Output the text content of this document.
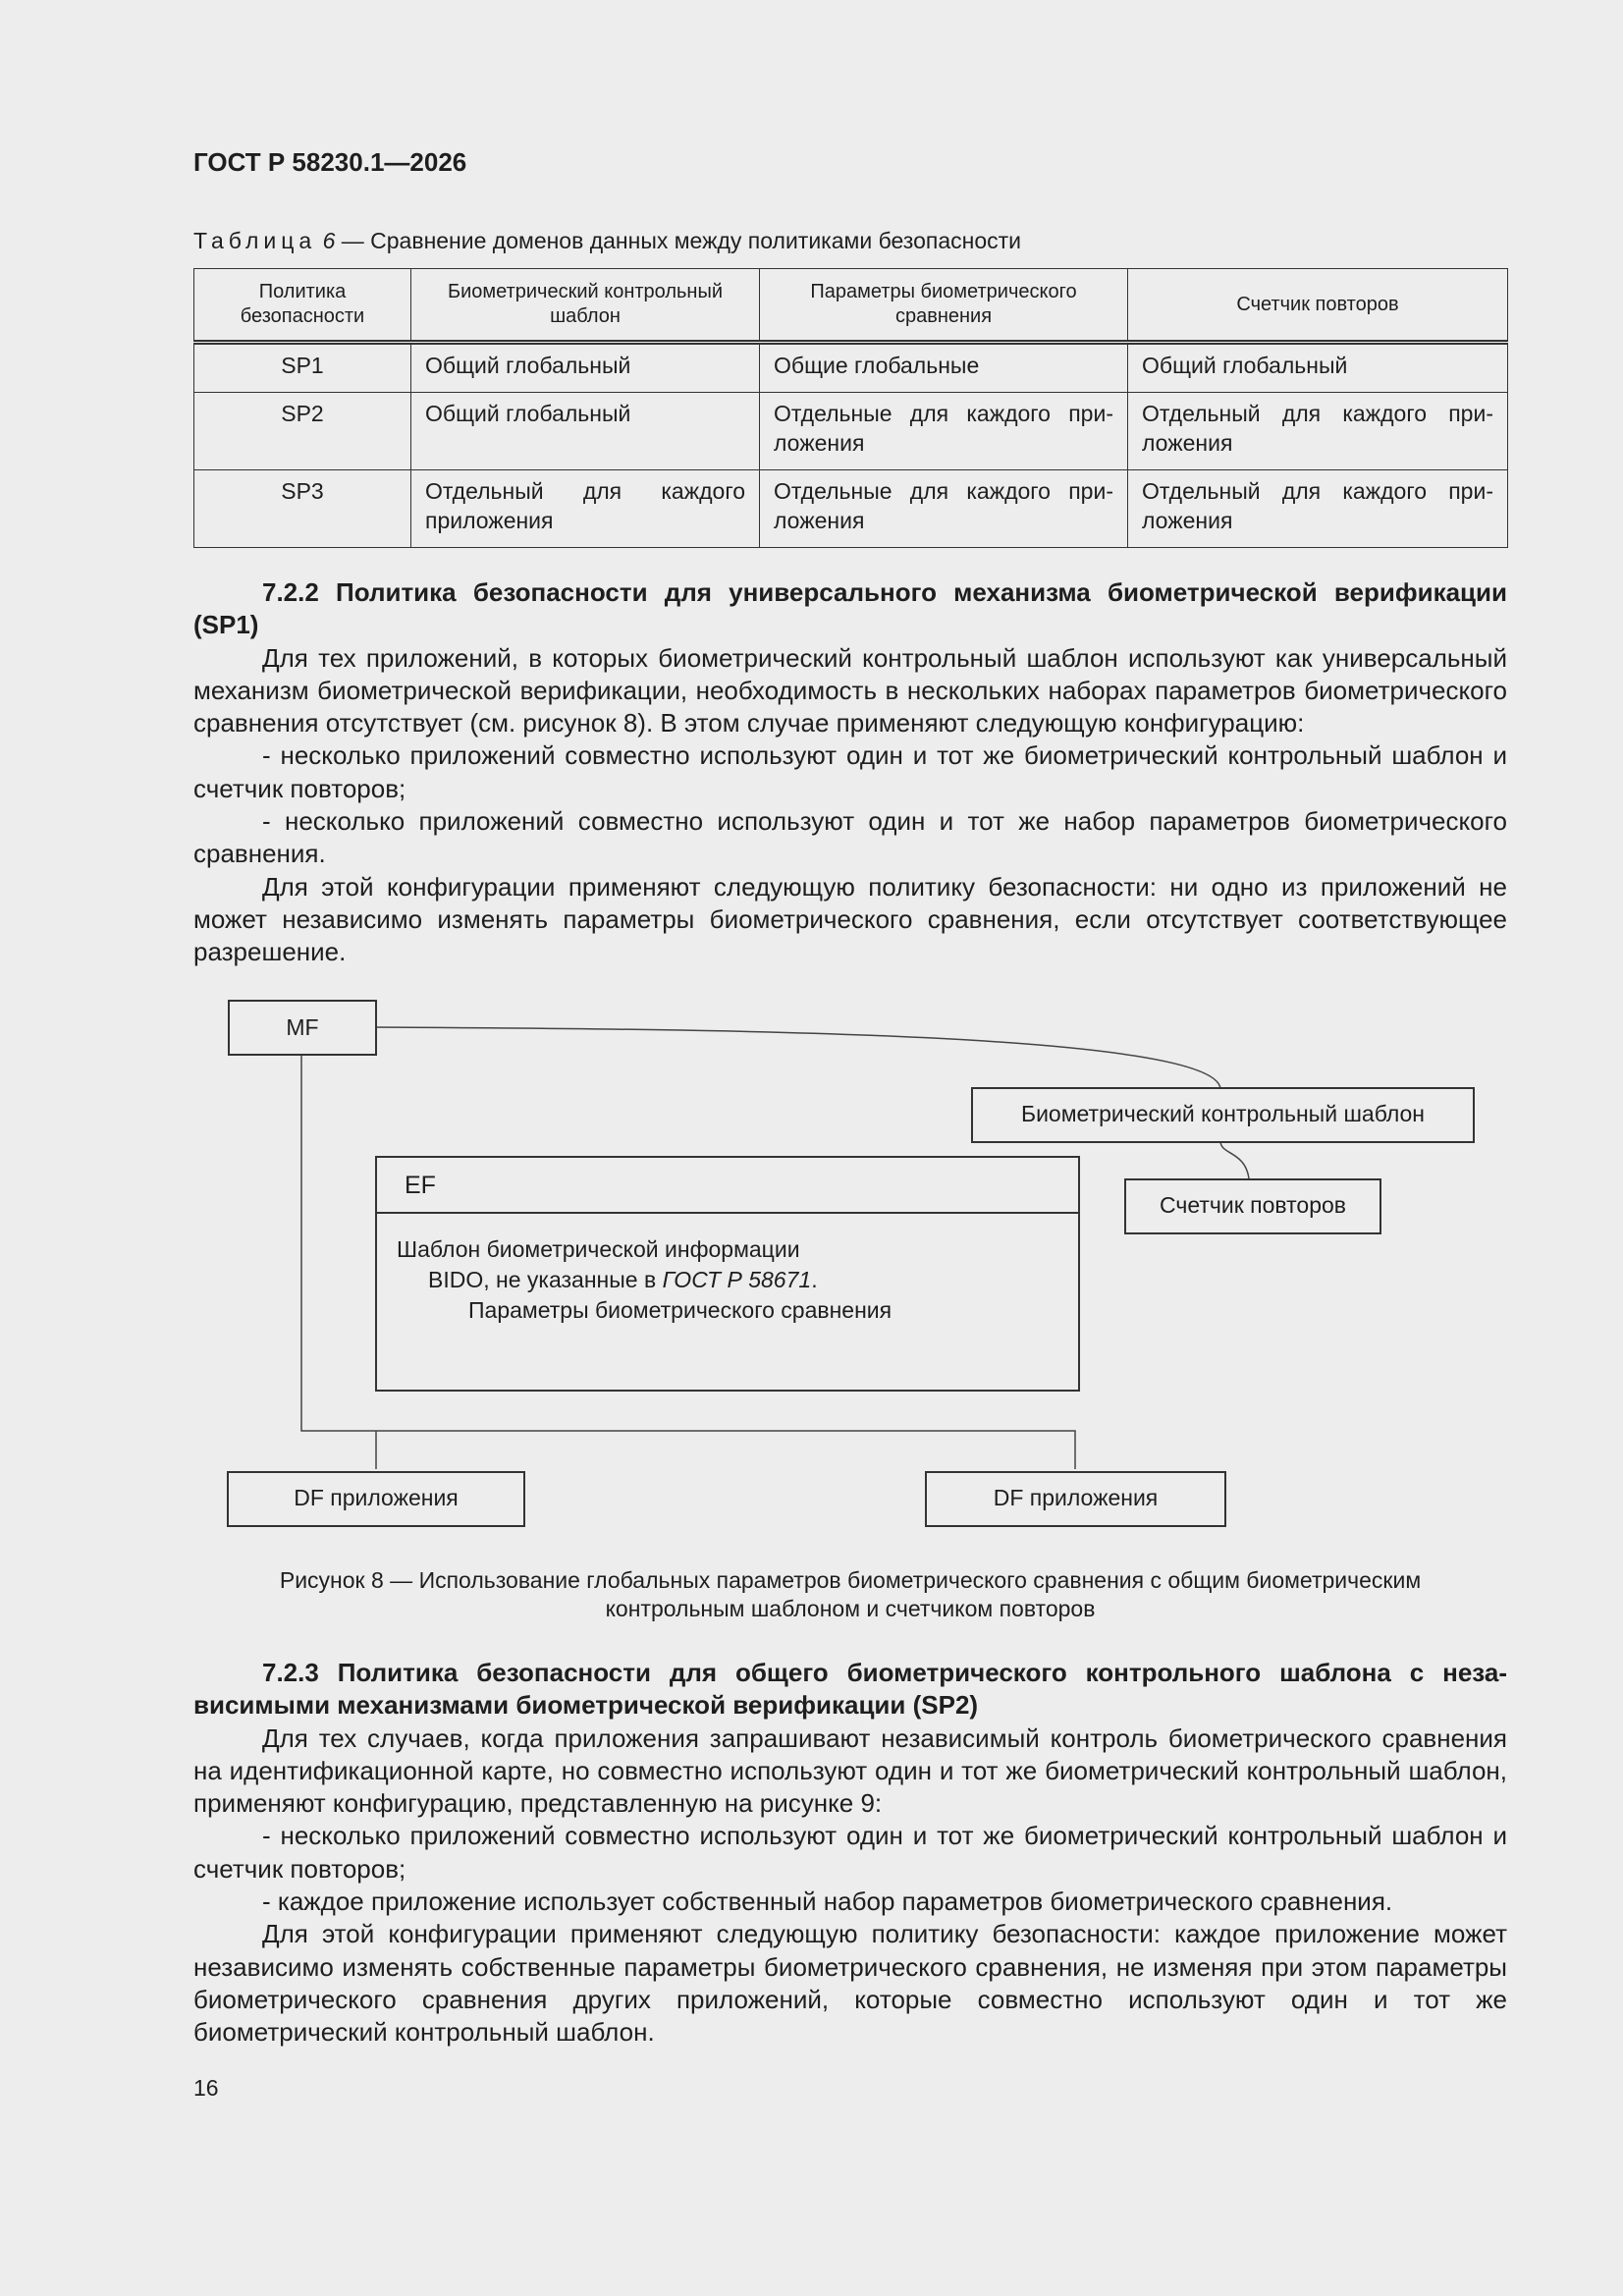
ГОСТ Р 58230.1—2026
Таблица 6 — Сравнение доменов данных между политиками безопасности
Политика безопасности	Биометрический контрольный шаблон	Параметры биометрического сравнения	Счетчик повторов
SP1	Общий глобальный	Общие глобальные	Общий глобальный
SP2	Общий глобальный	Отдельные для каждого приложения	Отдельный для каждого приложения
SP3	Отдельный для каждого приложения	Отдельные для каждого приложения	Отдельный для каждого приложения

7.2.2 Политика безопасности для универсального механизма биометрической верификации (SP1)

Для тех приложений, в которых биометрический контрольный шаблон используют как универсальный механизм биометрической верификации, необходимость в нескольких наборах параметров биометрического сравнения отсутствует (см. рисунок 8). В этом случае применяют следующую конфигурацию:

- несколько приложений совместно используют один и тот же биометрический контрольный шаблон и счетчик повторов;

- несколько приложений совместно используют один и тот же набор параметров биометрического сравнения.

Для этой конфигурации применяют следующую политику безопасности: ни одно из приложений не может независимо изменять параметры биометрического сравнения, если отсутствует соответствующее разрешение.

MF
Биометрический контрольный шаблон
Счетчик повторов
EF
Шаблон биометрической информации
BIDO, не указанные в ГОСТ Р 58671.
Параметры биометрического сравнения
DF приложения	DF приложения
Рисунок 8 — Использование глобальных параметров биометрического сравнения с общим биометрическим
контрольным шаблоном и счетчиком повторов

7.2.3 Политика безопасности для общего биометрического контрольного шаблона с независимыми механизмами биометрической верификации (SP2)

Для тех случаев, когда приложения запрашивают независимый контроль биометрического сравнения на идентификационной карте, но совместно используют один и тот же биометрический контрольный шаблон, применяют конфигурацию, представленную на рисунке 9:

- несколько приложений совместно используют один и тот же биометрический контрольный шаблон и счетчик повторов;

- каждое приложение использует собственный набор параметров биометрического сравнения.

Для этой конфигурации применяют следующую политику безопасности: каждое приложение может независимо изменять собственные параметры биометрического сравнения, не изменяя при этом параметры биометрического сравнения других приложений, которые совместно используют один и тот же биометрический контрольный шаблон.

16
